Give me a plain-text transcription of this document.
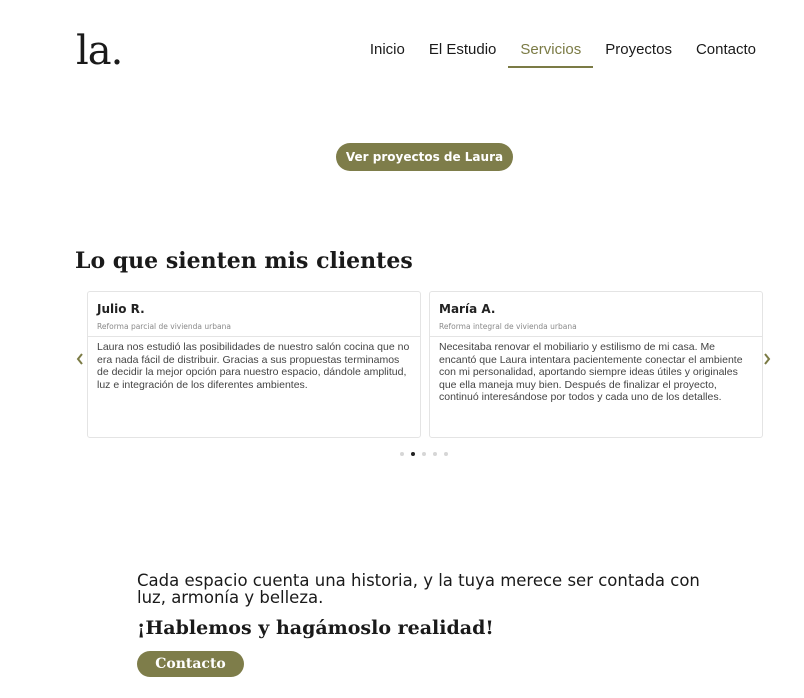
la.	Inicio	El Estudio	Servicios	Proyectos	Contacto
Ver proyectos de Laura
Lo que sienten mis clientes
Julio R.
Reforma parcial de vivienda urbana
Laura nos estudió las posibilidades de nuestro salón cocina que no era nada fácil de distribuir. Gracias a sus propuestas terminamos de decidir la mejor opción para nuestro espacio, dándole amplitud, luz e integración de los diferentes ambientes.
María A.
Reforma integral de vivienda urbana
Necesitaba renovar el mobiliario y estilismo de mi casa. Me encantó que Laura intentara pacientemente conectar el ambiente con mi personalidad, aportando siempre ideas útiles y originales que ella maneja muy bien. Después de finalizar el proyecto, continuó interesándose por todos y cada uno de los detalles.

Cada espacio cuenta una historia, y la tuya merece ser contada con luz, armonía y belleza.

¡Hablemos y hagámoslo realidad!
Contacto
